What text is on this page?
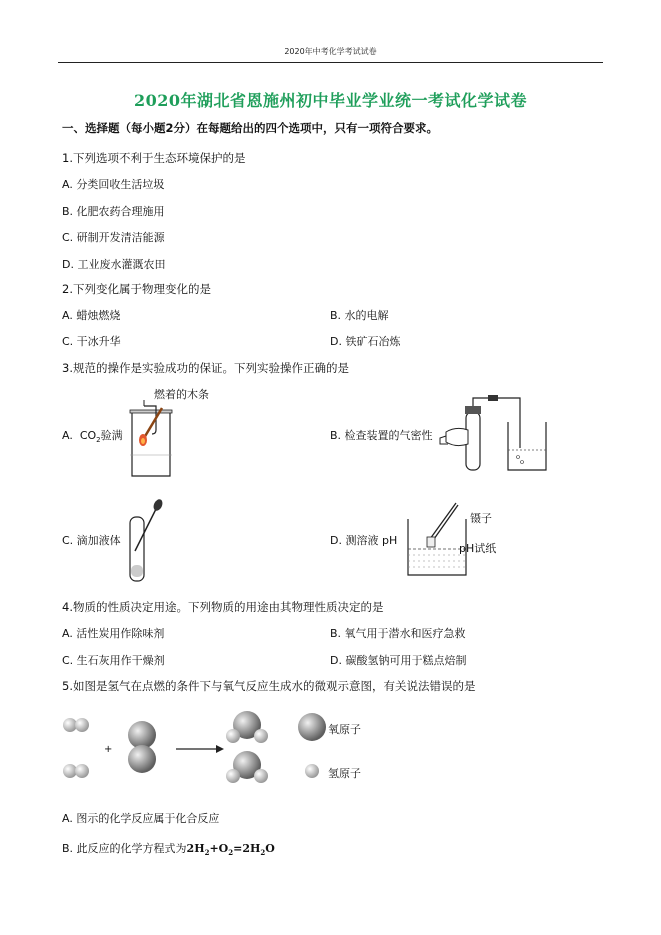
2020年中考化学考试试卷
2020年湖北省恩施州初中毕业学业统一考试化学试卷
一、选择题（每小题2分）在每题给出的四个选项中，只有一项符合要求。
1.下列选项不利于生态环境保护的是
A. 分类回收生活垃圾
B. 化肥农药合理施用
C. 研制开发清洁能源
D. 工业废水灌溉农田
2.下列变化属于物理变化的是
A. 蜡烛燃烧	B. 水的电解
C. 干冰升华	D. 铁矿石冶炼
3.规范的操作是实验成功的保证。下列实验操作正确的是
A. $CO_2$验满
燃着的木条
B. 检查装置的气密性
C. 滴加液体	D. 测溶液 pH
镊子
pH试纸
4.物质的性质决定用途。下列物质的用途由其物理性质决定的是
A. 活性炭用作除味剂	B. 氧气用于潜水和医疗急救
C. 生石灰用作干燥剂	D. 碳酸氢钠可用于糕点焙制
5.如图是氢气在点燃的条件下与氧气反应生成水的微观示意图，有关说法错误的是
+
氧原子
氢原子
A. 图示的化学反应属于化合反应
B. 此反应的化学方程式为$2H_2+O_2=2H_2O$
